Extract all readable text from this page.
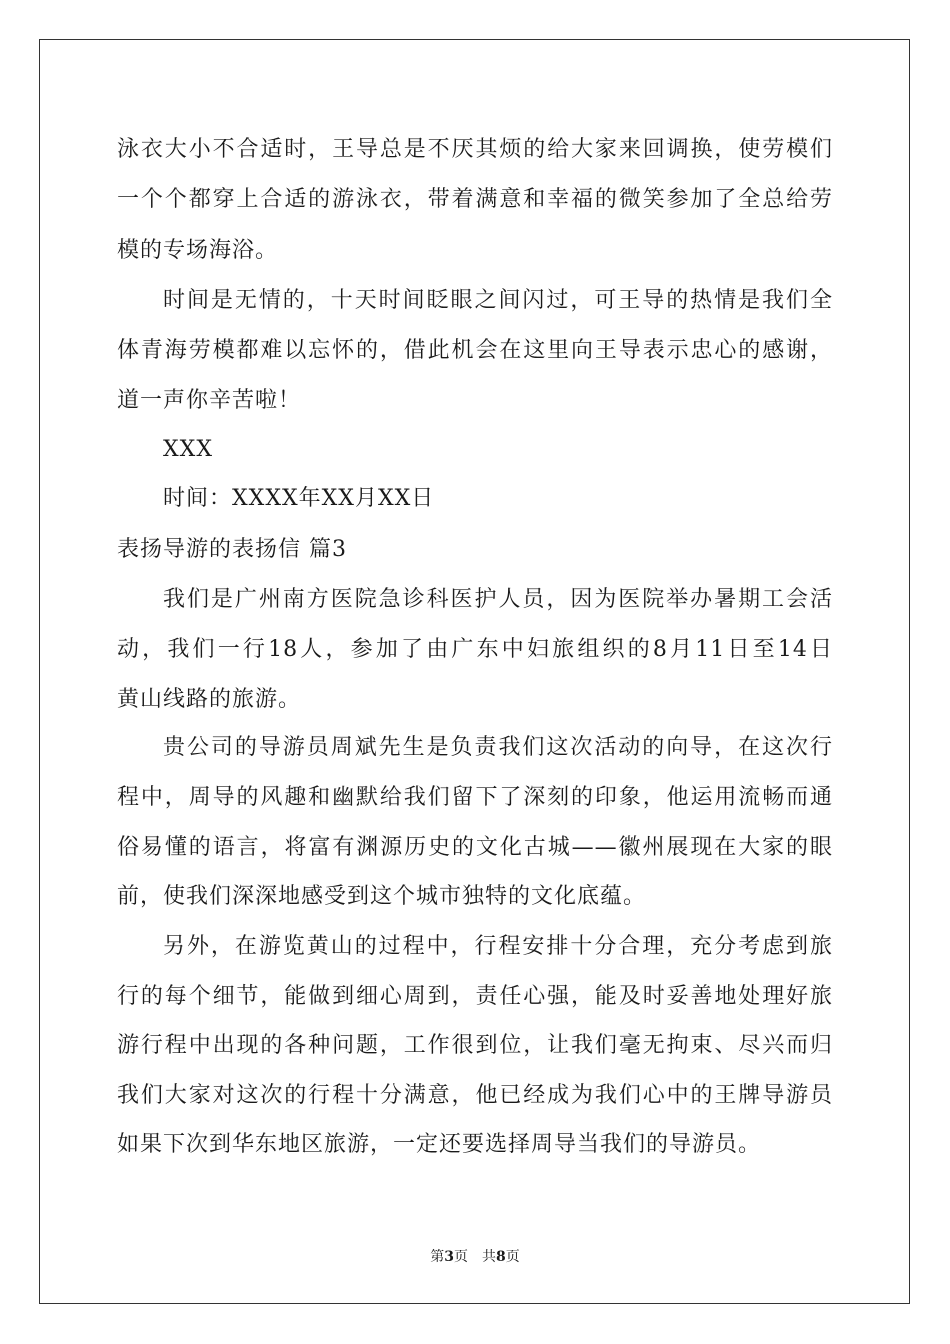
泳衣大小不合适时，王导总是不厌其烦的给大家来回调换，使劳模们
一个个都穿上合适的游泳衣，带着满意和幸福的微笑参加了全总给劳
模的专场海浴。
时间是无情的，十天时间眨眼之间闪过，可王导的热情是我们全
体青海劳模都难以忘怀的，借此机会在这里向王导表示忠心的感谢，
道一声你辛苦啦！
XXX
时间：XXXX年XX月XX日
表扬导游的表扬信 篇3
我们是广州南方医院急诊科医护人员，因为医院举办暑期工会活
动，我们一行18人，参加了由广东中妇旅组织的8月11日至14日
黄山线路的旅游。
贵公司的导游员周斌先生是负责我们这次活动的向导，在这次行
程中，周导的风趣和幽默给我们留下了深刻的印象，他运用流畅而通
俗易懂的语言，将富有渊源历史的文化古城——徽州展现在大家的眼
前，使我们深深地感受到这个城市独特的文化底蕴。
另外，在游览黄山的过程中，行程安排十分合理，充分考虑到旅
行的每个细节，能做到细心周到，责任心强，能及时妥善地处理好旅
游行程中出现的各种问题，工作很到位，让我们毫无拘束、尽兴而归
我们大家对这次的行程十分满意，他已经成为我们心中的王牌导游员
如果下次到华东地区旅游，一定还要选择周导当我们的导游员。
第3页　共8页
